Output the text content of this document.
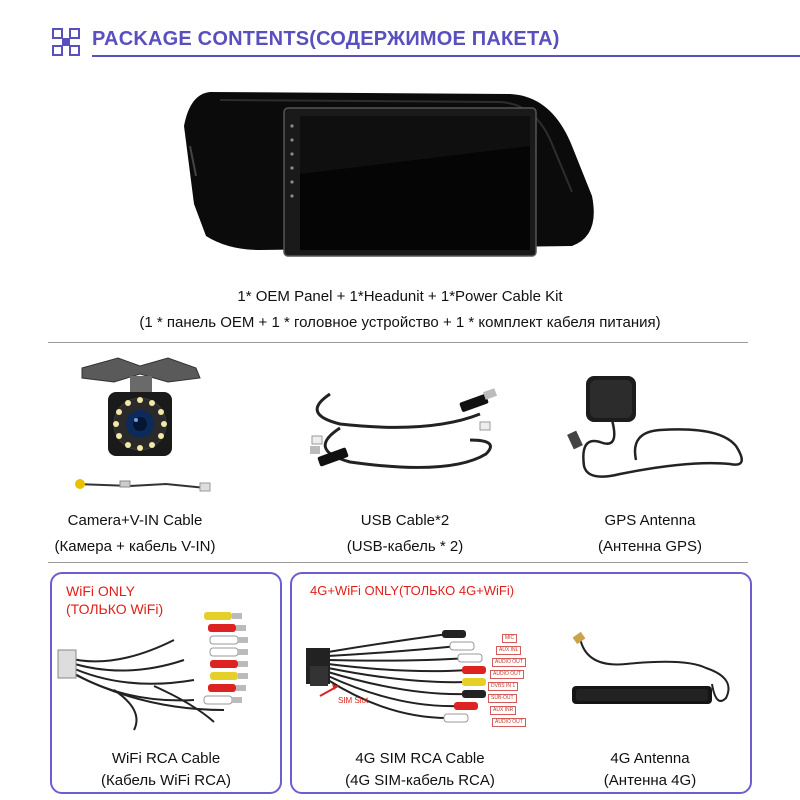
PACKAGE CONTENTS(СОДЕРЖИМОЕ ПАКЕТА)
1* OEM Panel + 1*Headunit + 1*Power Cable Kit
(1 * панель OEM + 1 * головное устройство + 1 * комплект кабеля питания)
Camera+V-IN Cable
(Камера + кабель V-IN)
USB Cable*2
(USB-кабель * 2)
GPS Antenna
(Антенна GPS)
WiFi ONLY
(ТОЛЬКО WiFi)
WiFi RCA Cable
(Кабель WiFi RCA)
4G+WiFi ONLY(ТОЛЬКО 4G+WiFi)
SIM Slot
MIC
AUX INL
AUDIO OUT
AUDIO OUT
DVBS IN 1
SUB-OUT
AUX INR
AUDIO OUT
4G SIM RCA Cable
(4G SIM-кабель RCA)
4G Antenna
(Антенна 4G)
